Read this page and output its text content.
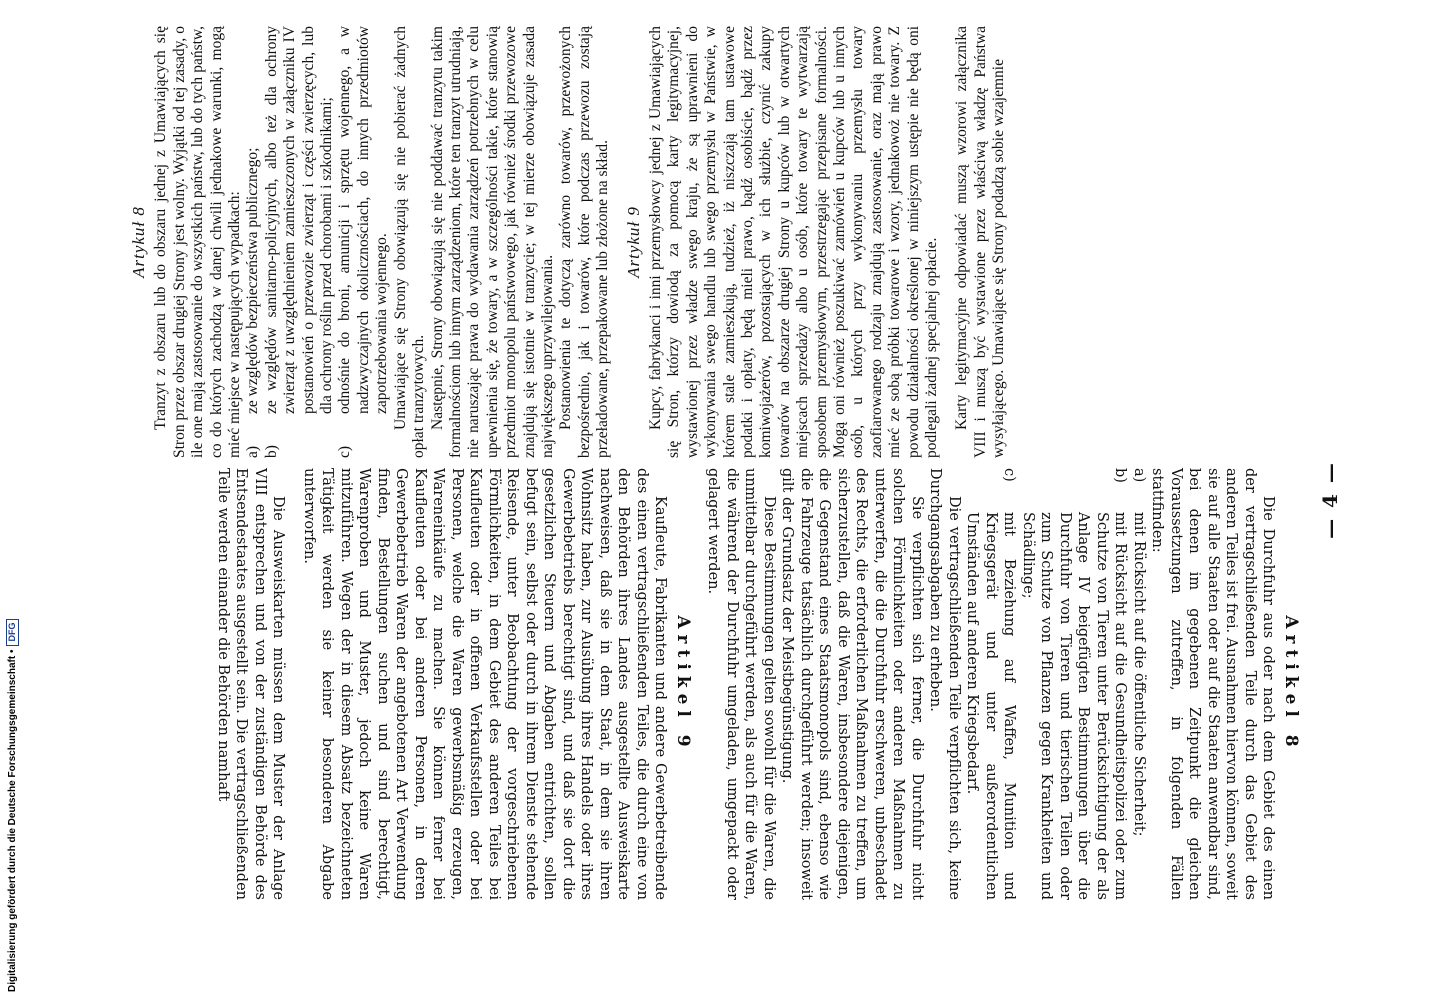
— 4 —
Artikel 8

Die Durchfuhr aus oder nach dem Gebiet des einen der vertragschließenden Teile durch das Gebiet des anderen Teiles ist frei. Ausnahmen hiervon können, soweit sie auf alle Staaten oder auf die Staaten anwendbar sind, bei denen im gegebenen Zeitpunkt die gleichen Voraussetzungen zutreffen, in folgenden Fällen stattfinden:

a)
mit Rücksicht auf die öffentliche Sicherheit;
b)
mit Rücksicht auf die Gesundheitspolizei oder zum Schutze von Tieren unter Berücksichtigung der als Anlage IV beigefügten Bestimmungen über die Durchfuhr von Tieren und tierischen Teilen oder zum Schutze von Pflanzen gegen Krankheiten und Schädlinge;
c)
mit Beziehung auf Waffen, Munition und Kriegsgerät und unter außerordentlichen Umständen auf anderen Kriegsbedarf.

Die vertragschließenden Teile verpflichten sich, keine Durchgangsabgaben zu erheben.

Sie verpflichten sich ferner, die Durchfuhr nicht solchen Förmlichkeiten oder anderen Maßnahmen zu unterwerfen, die die Durchfuhr erschweren, unbeschadet des Rechts, die erforderlichen Maßnahmen zu treffen, um sicherzustellen, daß die Waren, insbesondere diejenigen, die Gegenstand eines Staatsmonopols sind, ebenso wie die Fahrzeuge tatsächlich durchgeführt werden; insoweit gilt der Grundsatz der Meistbegünstigung.

Diese Bestimmungen gelten sowohl für die Waren, die unmittelbar durchgeführt werden, als auch für die Waren, die während der Durchfuhr umgeladen, umgepackt oder gelagert werden.

Artikel 9

Kaufleute, Fabrikanten und andere Gewerbetreibende des einen vertragschließenden Teiles, die durch eine von den Behörden ihres Landes ausgestellte Ausweiskarte nachweisen, daß sie in dem Staat, in dem sie ihren Wohnsitz haben, zur Ausübung ihres Handels oder ihres Gewerbebetriebs berechtigt sind, und daß sie dort die gesetzlichen Steuern und Abgaben entrichten, sollen befugt sein, selbst oder durch in ihrem Dienste stehende Reisende, unter Beobachtung der vorgeschriebenen Förmlichkeiten, in dem Gebiet des anderen Teiles bei Kaufleuten oder in offenen Verkaufsstellen oder bei Personen, welche die Waren gewerbsmäßig erzeugen, Wareneinkäufe zu machen. Sie können ferner bei Kaufleuten oder bei anderen Personen, in deren Gewerbebetrieb Waren der angebotenen Art Verwendung finden, Bestellungen suchen und sind berechtigt, Warenproben und Muster, jedoch keine Waren mitzuführen. Wegen der in diesem Absatz bezeichneten Tätigkeit werden sie keiner besonderen Abgabe unterworfen.

Die Ausweiskarten müssen dem Muster der Anlage VIII entsprechen und von der zuständigen Behörde des Entsendestaates ausgestellt sein. Die vertragschließenden Teile werden einander die Behörden namhaft

Artykuł 8 Tranzyt z obszaru lub do obszaru jednej z Umawiających się Stron przez obszar drugiej Strony jest wolny. Wyjątki od tej zasady, o ile one mają zastosowanie do wszystkich państw, lub do tych państw, co do których zachodzą w danej chwili jednakowe warunki, mogą mieć miejsce w następujących wypadkach: a)
ze względów bezpieczeństwa publicznego;
b)
ze względów sanitarno-policyjnych, albo też dla ochrony zwierząt z uwzględnieniem zamieszczonych w załączniku IV postanowień o przewozie zwierząt i części zwierzęcych, lub dla ochrony roślin przed chorobami i szkodnikami;
c)
odnośnie do broni, amunicji i sprzętu wojennego, a w nadzwyczajnych okolicznościach, do innych przedmiotów zapotrzebowania wojennego. Umawiające się Strony obowiązują się nie pobierać żadnych opłat tranzytowych. Następnie, Strony obowiązują się nie poddawać tranzytu takim formalnościom lub innym zarządzeniom, które ten tranzyt utrudniają, nie naruszając prawa do wydawania zarządzeń potrzebnych w celu upewnienia się, że towary, a w szczególności takie, które stanowią przedmiot monopolu państwowego, jak również środki przewozowe znajdują się istotnie w tranzycie; w tej mierze obowiązuje zasada największego uprzywilejowania. Postanowienia te dotyczą zarówno towarów, przewożonych bezpośrednio, jak i towarów, które podczas przewozu zostają przeładowane, przepakowane lub złożone na skład. Artykuł 9 Kupcy, fabrykanci i inni przemysłowcy jednej z Umawiających się Stron, którzy dowiodą za pomocą karty legitymacyjnej, wystawionej przez władze swego kraju, że są uprawnieni do wykonywania swego handlu lub swego przemysłu w Państwie, w którem stale zamieszkują, tudzież, iż niszczają tam ustawowe podatki i opłaty, będą mieli prawo, bądź osobiście, bądź przez komiwojażerów, pozostających w ich służbie, czynić zakupy towarów na obszarze drugiej Strony u kupców lub w otwartych miejscach sprzedaży albo u osób, które towary te wytwarzają sposobem przemysłowym, przestrzegając przepisane formalności. Mogą oni również poszukiwać zamówień u kupców lub u innych osób, u których przy wykonywaniu przemysłu towary zaofiarowanego rodzaju znajdują zastosowanie, oraz mają prawo mieć ze sobą próbki towarowe i wzory, jednakowoż nie towary. Z powodu działalności określonej w niniejszym ustępie nie będą oni podlegali żadnej specjalnej opłacie. Karty legitymacyjne odpowiadać muszą wzorowi załącznika VIII i muszą być wystawione przez właściwą władzę Państwa wysyłającego. Umawiające się Strony podadzą sobie wzajemnie

Digitalisierung gefördert durch die Deutsche Forschungsgemeinschaft •DFG
